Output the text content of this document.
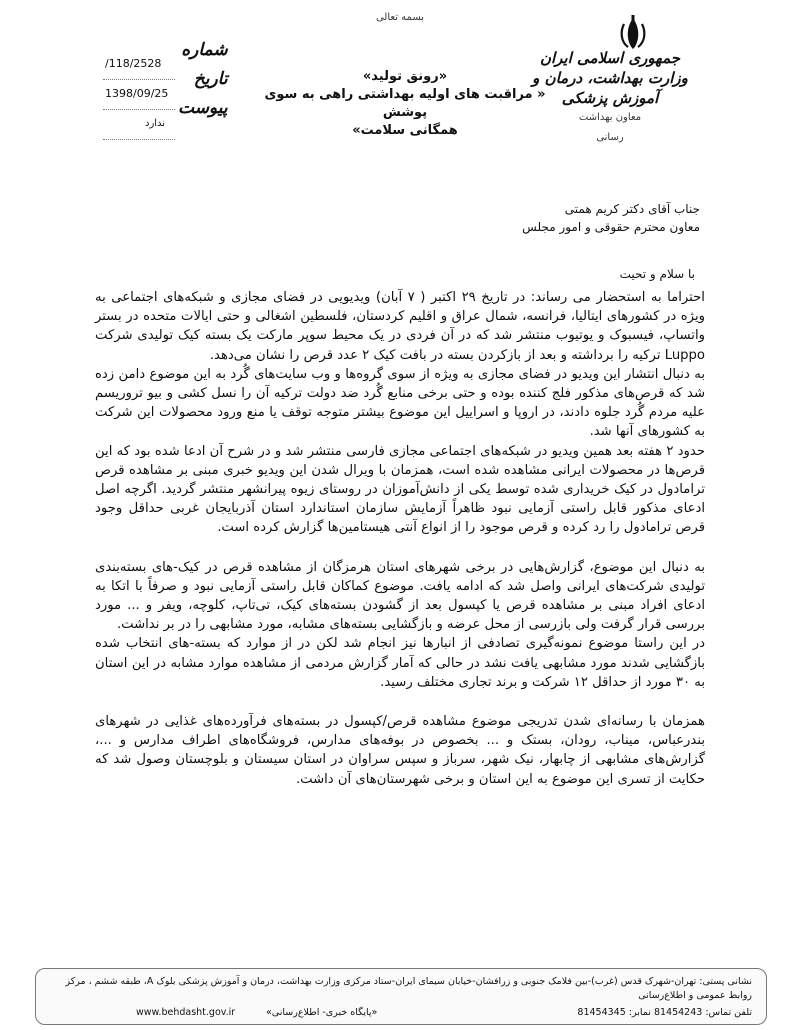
بسمه تعالی
جمهوری اسلامی ایران
وزارت بهداشت، درمان و آموزش پزشکی
معاون بهداشت
رسانی
«رونق تولید»
« مراقبت های اولیه بهداشتی راهی به سوی پوشش
همگانی سلامت»
شماره
تاریخ
پیوست
/118/2528
1398/09/25
ندارد
جناب آقای دکتر کریم همتی
معاون محترم حقوقی و امور مجلس
با سلام و تحیت

احتراما به استحضار می رساند: در تاریخ ۲۹ اکتبر ( ۷ آبان) ویدیویی در فضای مجازی و شبکه‌های اجتماعی به ویژه در کشورهای ایتالیا، فرانسه، شمال عراق و اقلیم کردستان، فلسطین اشغالی و حتی ایالات متحده در بستر واتساپ، فیسبوک و یوتیوب منتشر شد که در آن فردی در یک محیط سوپر مارکت یک بسته کیک تولیدی شرکت Luppo ترکیه را برداشته و بعد از بازکردن بسته در بافت کیک ۲ عدد قرص را نشان می‌دهد.

به دنبال انتشار این ویدیو در فضای مجازی به ویژه از سوی گروه‌ها و وب سایت‌های گُرد به این موضوع دامن زده شد که قرص‌های مذکور فلج کننده بوده و حتی برخی منابع گُرد ضد دولت ترکیه آن را نسل کشی و بیو تروریسم علیه مردم گُرد جلوه دادند، در اروپا و اسراییل این موضوع بیشتر متوجه توقف یا منع ورود محصولات این شرکت به کشورهای آنها شد.

حدود ۲ هفته بعد همین ویدیو در شبکه‌های اجتماعی مجازی فارسی منتشر شد و در شرح آن ادعا شده بود که این قرص‌ها در محصولات ایرانی مشاهده شده است، همزمان با ویرال شدن این ویدیو خبری مبنی بر مشاهده قرص ترامادول در کیک خریداری شده توسط یکی از دانش‌آموزان در روستای زیوه پیرانشهر منتشر گردید. اگرچه اصل ادعای مذکور قابل راستی آزمایی نبود ظاهراً آزمایش سازمان استاندارد استان آذربایجان غربی حداقل وجود قرص ترامادول را رد کرده و قرص موجود را از انواع آنتی هیستامین‌ها گزارش کرده است.

به دنبال این موضوع، گزارش‌هایی در برخی شهرهای استان هرمزگان از مشاهده قرص در کیک-های بسته‌بندی تولیدی شرکت‌های ایرانی واصل شد که ادامه یافت. موضوع کماکان قابل راستی آزمایی نبود و صرفاً با اتکا به ادعای افراد مبنی بر مشاهده قرص یا کپسول بعد از گشودن بسته‌های کیک، تی‌تاپ، کلوچه، ویفر و ... مورد بررسی قرار گرفت ولی بازرسی از محل عرضه و بازگشایی بسته‌های مشابه، مورد مشابهی را در بر نداشت.

در این راستا موضوع نمونه‌گیری تصادفی از انبارها نیز انجام شد لکن در از موارد که بسته-های انتخاب شده بازگشایی شدند مورد مشابهی یافت نشد در حالی که آمار گزارش مردمی از مشاهده موارد مشابه در این استان به ۳۰ مورد از حداقل ۱۲ شرکت و برند تجاری مختلف رسید.

همزمان با رسانه‌ای شدن تدریجی موضوع مشاهده قرص/کپسول در بسته‌های فرآورده‌های غذایی در شهرهای بندرعباس، میناب، رودان، بستک و ... بخصوص در بوفه‌های مدارس، فروشگاه‌های اطراف مدارس و ...، گزارش‌های مشابهی از چابهار، نیک شهر، سرباز و سپس سراوان در استان سیستان و بلوچستان وصول شد که حکایت از تسری این موضوع به این استان و برخی شهرستان‌های آن داشت.

نشانی پستی: تهران-شهرک قدس (غرب)-بین فلامک جنوبی و زرافشان-خیابان سیمای ایران-ستاد مرکزی وزارت بهداشت، درمان و آموزش پزشکی بلوک A، طبقه ششم ، مرکز روابط عمومی و اطلاع‌رسانی
تلفن تماس: 81454243 نمابر: 81454345
«پایگاه خبری- اطلاع‌رسانی»
www.behdasht.gov.ir
